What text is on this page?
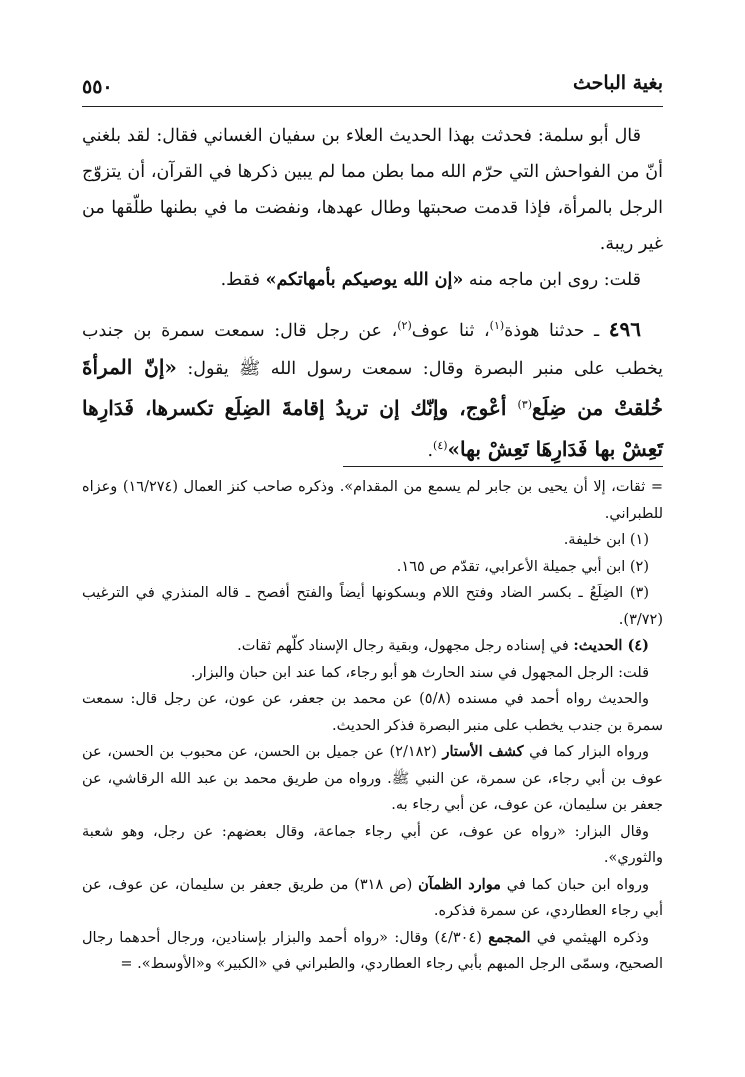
بغية الباحث
٥٥٠

قال أبو سلمة: فحدثت بهذا الحديث العلاء بن سفيان الغساني فقال: لقد بلغني أنّ من الفواحش التي حرّم الله مما بطن مما لم يبين ذكرها في القرآن، أن يتزوّج الرجل بالمرأة، فإذا قدمت صحبتها وطال عهدها، ونفضت ما في بطنها طلّقها من غير ريبة.

قلت: روى ابن ماجه منه «إن الله يوصيكم بأمهاتكم» فقط.

٤٩٦ ـ حدثنا هوذة$^{(١)}$، ثنا عوف$^{(٢)}$، عن رجل قال: سمعت سمرة بن جندب يخطب على منبر البصرة وقال: سمعت رسول الله ﷺ يقول: «إنّ المرأةَ خُلقتْ من ضِلَع$^{(٣)}$ أعْوج، وإنّك إن تريدُ إقامةَ الضِلَع تكسرها، فَدَارِها تَعِشْ بها فَدَارِهَا تَعِشْ بها»$^{(٤)}$.

= ثقات، إلا أن يحيى بن جابر لم يسمع من المقدام». وذكره صاحب كنز العمال (١٦/٢٧٤) وعزاه للطبراني.

(١) ابن خليفة.

(٢) ابن أبي جميلة الأعرابي، تقدّم ص ١٦٥.

(٣) الضِلَعُ ـ بكسر الضاد وفتح اللام وبسكونها أيضاً والفتح أفصح ـ قاله المنذري في الترغيب (٣/٧٢).

(٤) الحديث: في إسناده رجل مجهول، وبقية رجال الإسناد كلّهم ثقات.

قلت: الرجل المجهول في سند الحارث هو أبو رجاء، كما عند ابن حبان والبزار.

والحديث رواه أحمد في مسنده (٥/٨) عن محمد بن جعفر، عن عون، عن رجل قال: سمعت سمرة بن جندب يخطب على منبر البصرة فذكر الحديث.

ورواه البزار كما في كشف الأستار (٢/١٨٢) عن جميل بن الحسن، عن محبوب بن الحسن، عن عوف بن أبي رجاء، عن سمرة، عن النبي ﷺ. ورواه من طريق محمد بن عبد الله الرقاشي، عن جعفر بن سليمان، عن عوف، عن أبي رجاء به.

وقال البزار: «رواه عن عوف، عن أبي رجاء جماعة، وقال بعضهم: عن رجل، وهو شعبة والثوري».

ورواه ابن حبان كما في موارد الظمآن (ص ٣١٨) من طريق جعفر بن سليمان، عن عوف، عن أبي رجاء العطاردي، عن سمرة فذكره.

وذكره الهيثمي في المجمع (٤/٣٠٤) وقال: «رواه أحمد والبزار بإسنادين، ورجال أحدهما رجال الصحيح، وسمّى الرجل المبهم بأبي رجاء العطاردي، والطبراني في «الكبير» و«الأوسط». =
